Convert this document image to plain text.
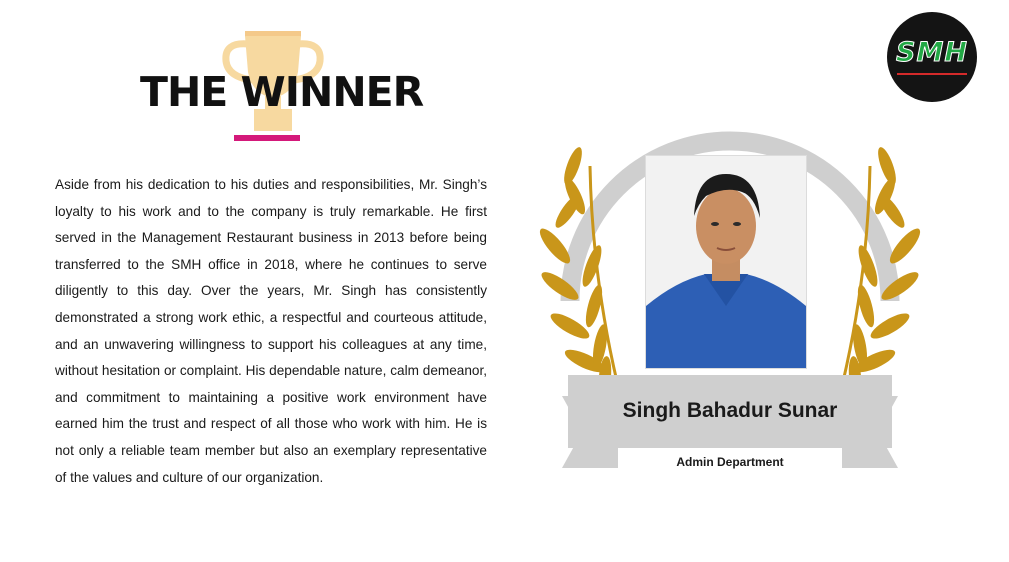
THE WINNER

Aside from his dedication to his duties and responsibilities, Mr. Singh’s loyalty to his work and to the company is truly remarkable. He first served in the Management Restaurant business in 2013 before being transferred to the SMH office in 2018, where he continues to serve diligently to this day. Over the years, Mr. Singh has consistently demonstrated a strong work ethic, a respectful and courteous attitude, and an unwavering willingness to support his colleagues at any time, without hesitation or complaint. His dependable nature, calm demeanor, and commitment to maintaining a positive work environment have earned him the trust and respect of all those who work with him. He is not only a reliable team member but also an exemplary representative of the values and culture of our organization.

SMH
Singh Bahadur Sunar
Admin Department
